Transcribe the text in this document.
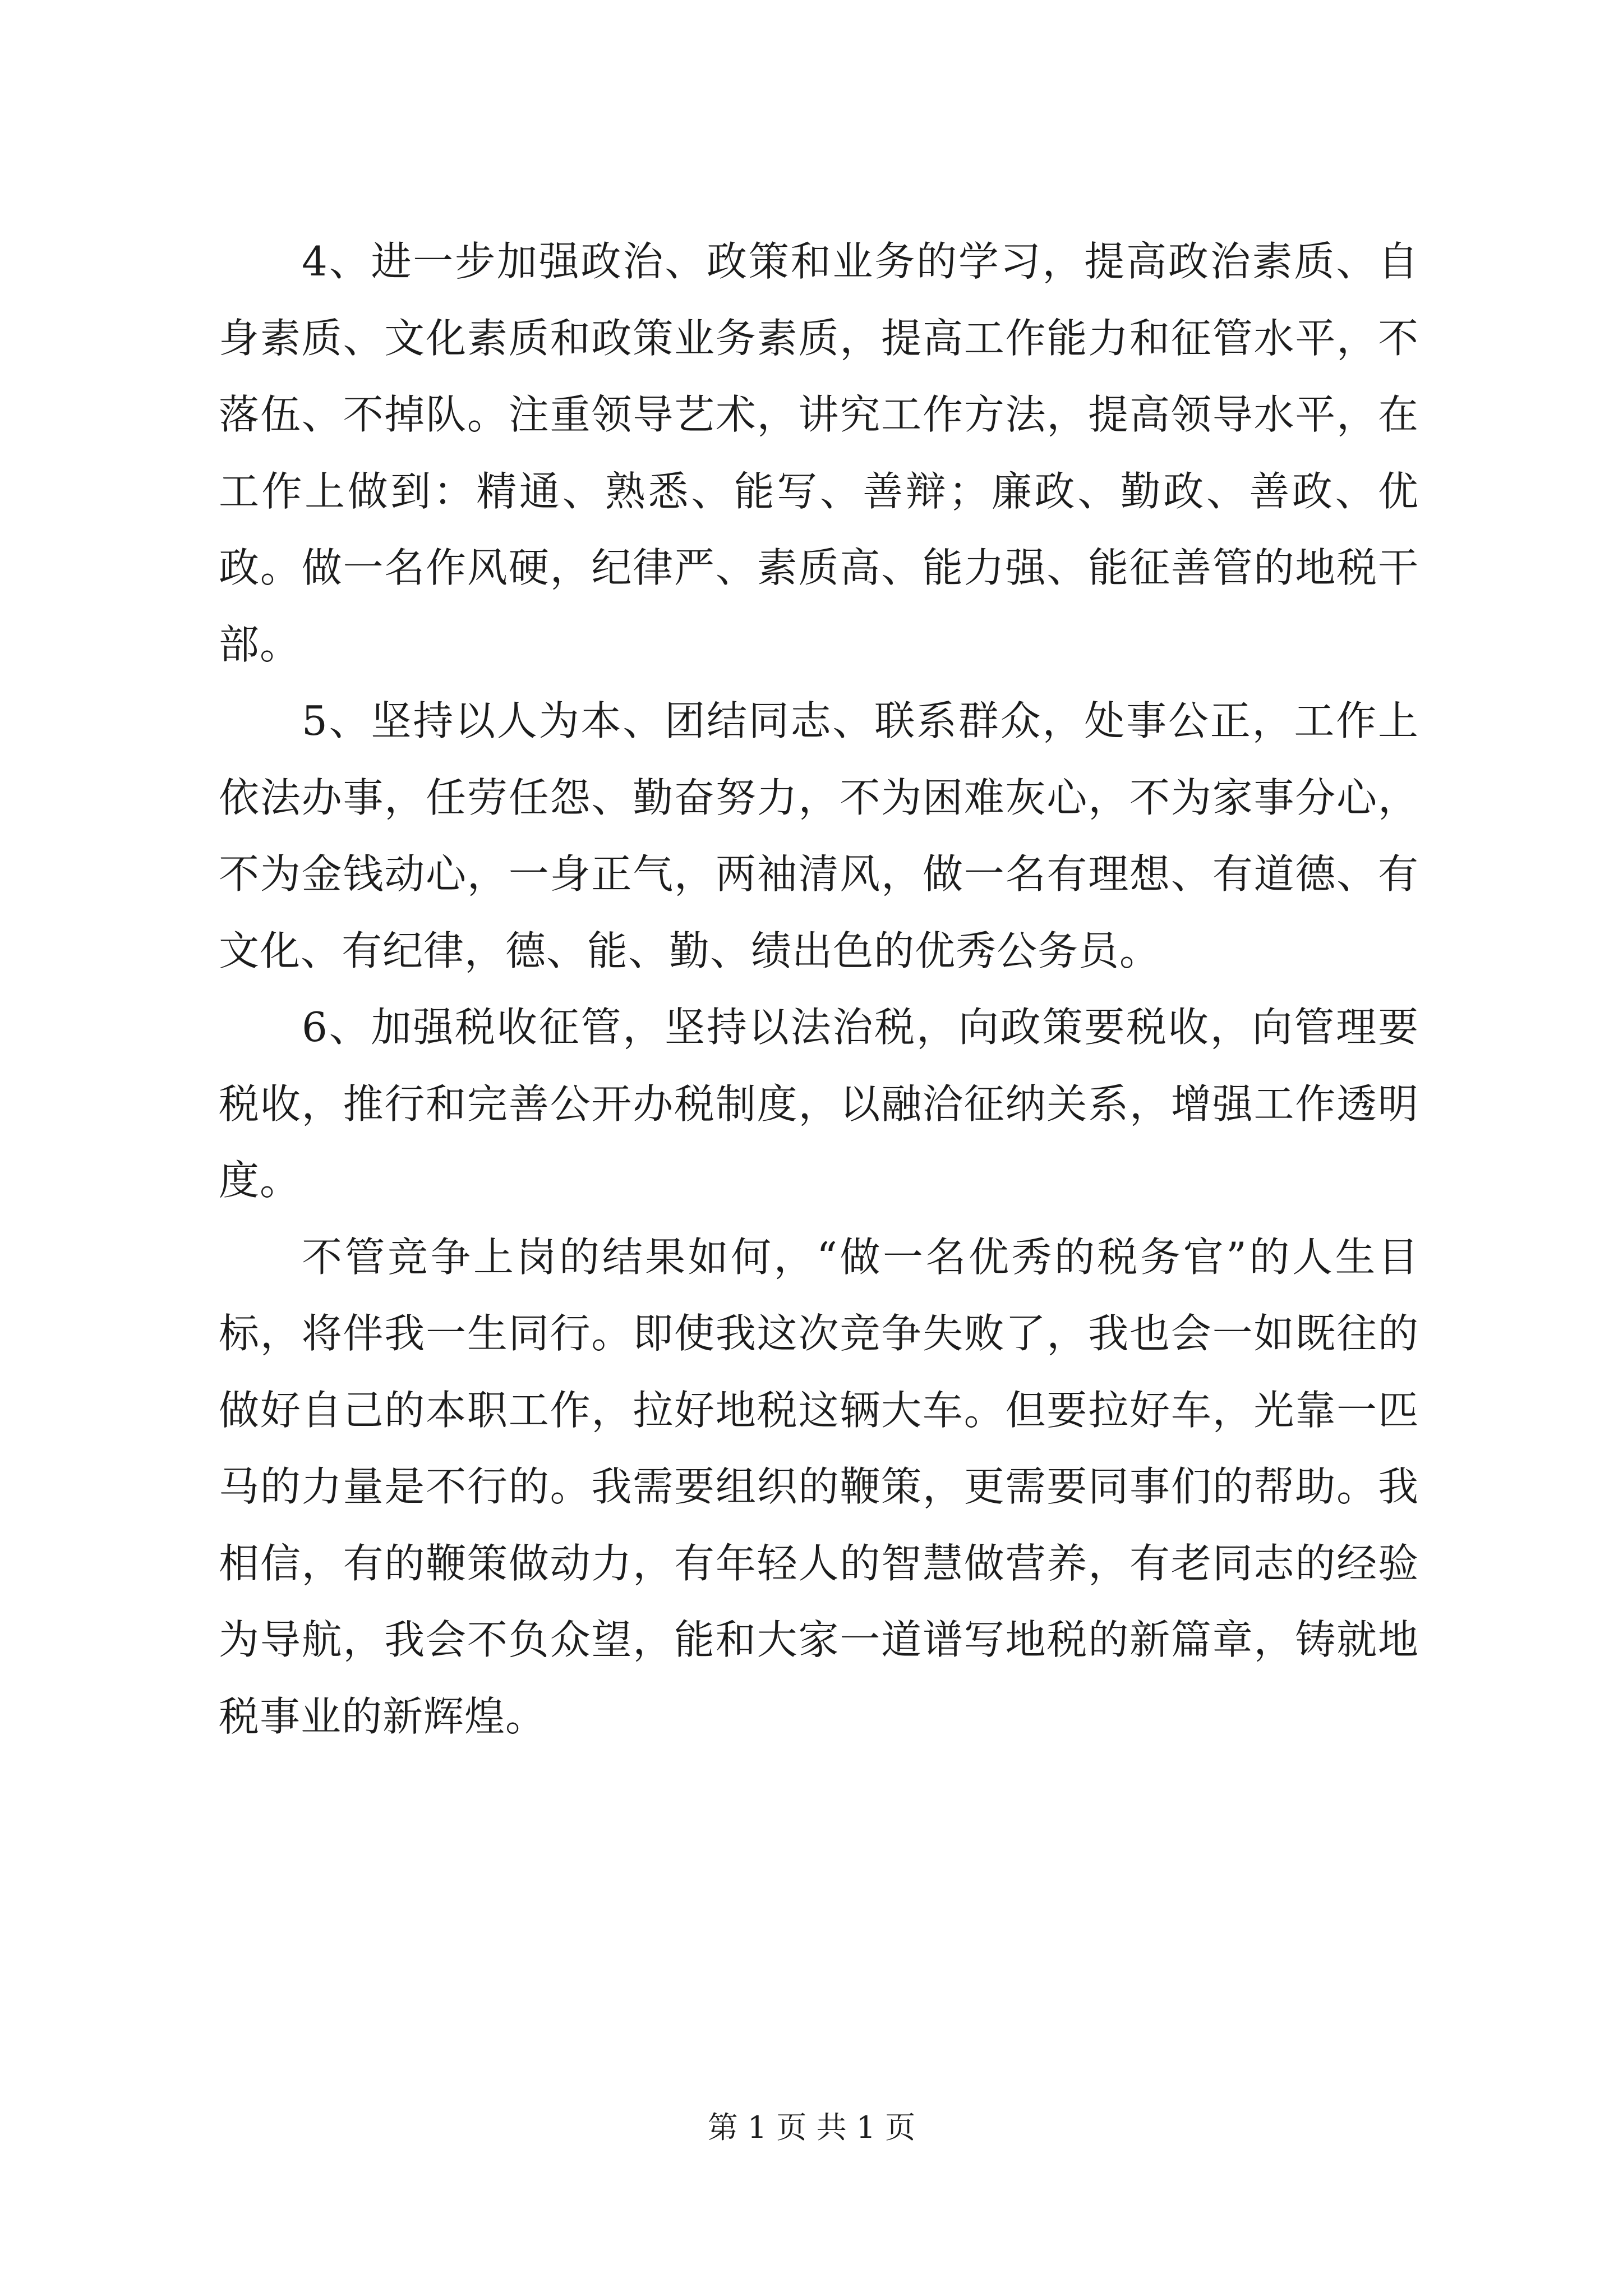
4、进一步加强政治、政策和业务的学习，提高政治素质、自身素质、文化素质和政策业务素质，提高工作能力和征管水平，不落伍、不掉队。注重领导艺术，讲究工作方法，提高领导水平，在工作上做到：精通、熟悉、能写、善辩；廉政、勤政、善政、优政。做一名作风硬，纪律严、素质高、能力强、能征善管的地税干部。

5、坚持以人为本、团结同志、联系群众，处事公正，工作上依法办事，任劳任怨、勤奋努力，不为困难灰心，不为家事分心，不为金钱动心，一身正气，两袖清风，做一名有理想、有道德、有文化、有纪律，德、能、勤、绩出色的优秀公务员。

6、加强税收征管，坚持以法治税，向政策要税收，向管理要税收，推行和完善公开办税制度，以融洽征纳关系，增强工作透明度。

不管竞争上岗的结果如何，“做一名优秀的税务官”的人生目标，将伴我一生同行。即使我这次竞争失败了，我也会一如既往的做好自己的本职工作，拉好地税这辆大车。但要拉好车，光靠一匹马的力量是不行的。我需要组织的鞭策，更需要同事们的帮助。我相信，有的鞭策做动力，有年轻人的智慧做营养，有老同志的经验为导航，我会不负众望，能和大家一道谱写地税的新篇章，铸就地税事业的新辉煌。

第 1 页 共 1 页
